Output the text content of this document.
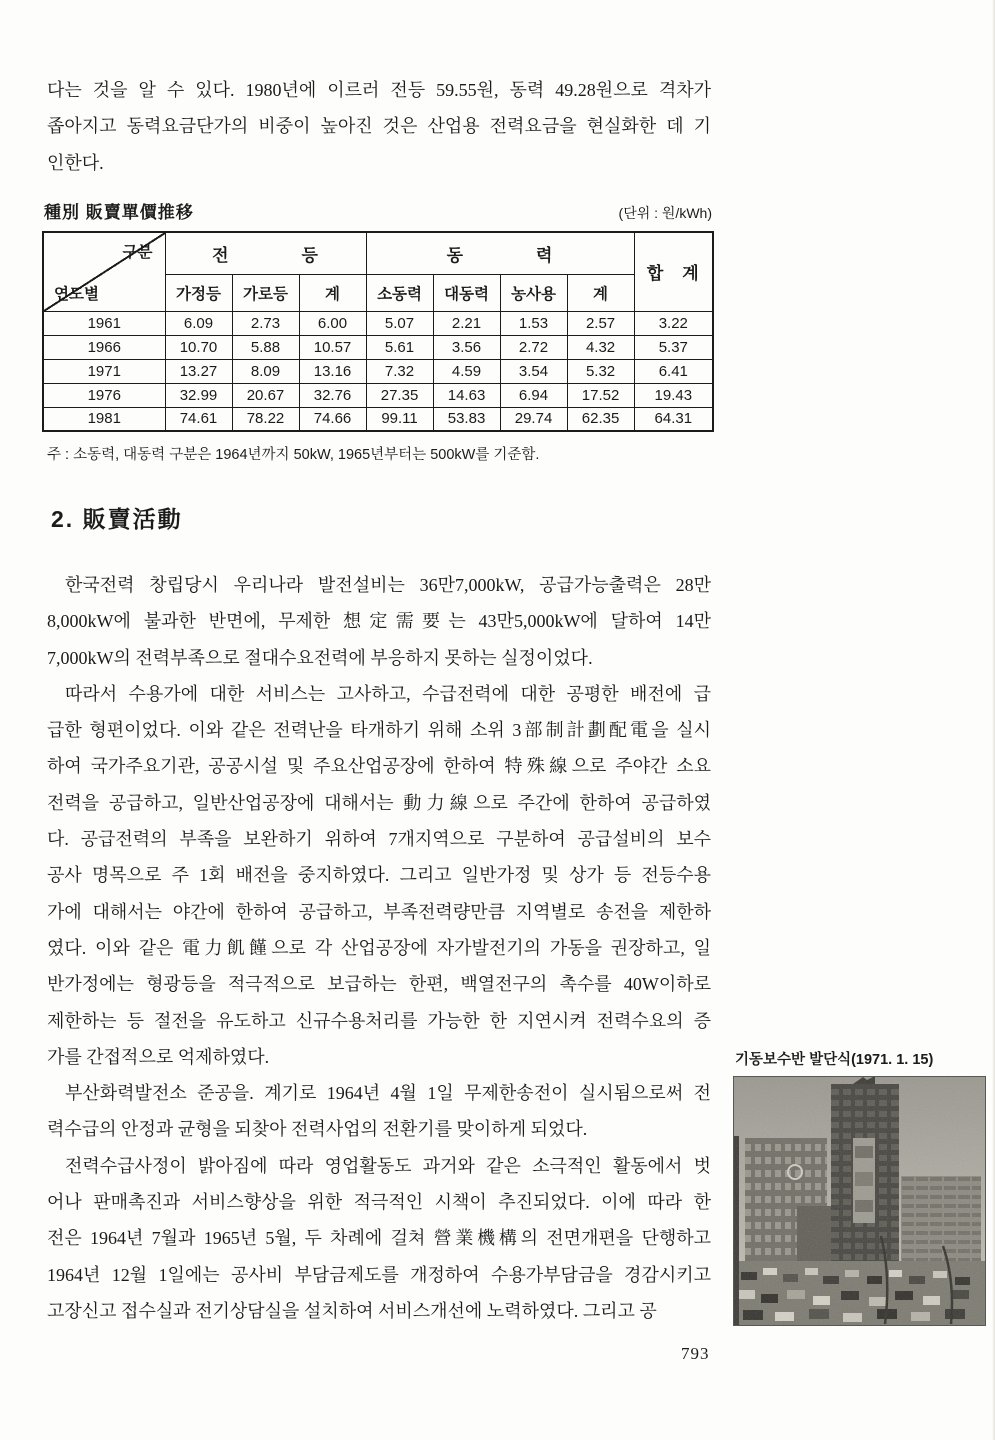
다는 것을 알 수 있다. 1980년에 이르러 전등 59.55원, 동력 49.28원으로 격차가
좁아지고 동력요금단가의 비중이 높아진 것은 산업용 전력요금을 현실화한 데 기
인한다.
種別 販賣單價推移	(단위 : 원/kWh)
구분
연도별	전　　　　등			동　　　　력				합　계
	가정등	가로등	계	소동력	대동력	농사용	계	
1961	6.09	2.73	6.00	5.07	2.21	1.53	2.57	3.22
1966	10.70	5.88	10.57	5.61	3.56	2.72	4.32	5.37
1971	13.27	8.09	13.16	7.32	4.59	3.54	5.32	6.41
1976	32.99	20.67	32.76	27.35	14.63	6.94	17.52	19.43
1981	74.61	78.22	74.66	99.11	53.83	29.74	62.35	64.31
주 : 소동력, 대동력 구분은 1964년까지 50kW, 1965년부터는 500kW를 기준함.
2. 販賣活動
한국전력 창립당시 우리나라 발전설비는 36만7,000kW, 공급가능출력은 28만
8,000kW에 불과한 반면에, 무제한 想定需要는 43만5,000kW에 달하여 14만
7,000kW의 전력부족으로 절대수요전력에 부응하지 못하는 실정이었다.
따라서 수용가에 대한 서비스는 고사하고, 수급전력에 대한 공평한 배전에 급
급한 형편이었다. 이와 같은 전력난을 타개하기 위해 소위 3部制計劃配電을 실시
하여 국가주요기관, 공공시설 및 주요산업공장에 한하여 特殊線으로 주야간 소요
전력을 공급하고, 일반산업공장에 대해서는 動力線으로 주간에 한하여 공급하였
다. 공급전력의 부족을 보완하기 위하여 7개지역으로 구분하여 공급설비의 보수
공사 명목으로 주 1회 배전을 중지하였다. 그리고 일반가정 및 상가 등 전등수용
가에 대해서는 야간에 한하여 공급하고, 부족전력량만큼 지역별로 송전을 제한하
였다. 이와 같은 電力飢饉으로 각 산업공장에 자가발전기의 가동을 권장하고, 일
반가정에는 형광등을 적극적으로 보급하는 한편, 백열전구의 촉수를 40W이하로
제한하는 등 절전을 유도하고 신규수용처리를 가능한 한 지연시켜 전력수요의 증
가를 간접적으로 억제하였다.
부산화력발전소 준공을. 계기로 1964년 4월 1일 무제한송전이 실시됨으로써 전
력수급의 안정과 균형을 되찾아 전력사업의 전환기를 맞이하게 되었다.
전력수급사정이 밝아짐에 따라 영업활동도 과거와 같은 소극적인 활동에서 벗
어나 판매촉진과 서비스향상을 위한 적극적인 시책이 추진되었다. 이에 따라 한
전은 1964년 7월과 1965년 5월, 두 차례에 걸쳐 營業機構의 전면개편을 단행하고
1964년 12월 1일에는 공사비 부담금제도를 개정하여 수용가부담금을 경감시키고
고장신고 접수실과 전기상담실을 설치하여 서비스개선에 노력하였다. 그리고 공
기동보수반 발단식(1971. 1. 15)
793
